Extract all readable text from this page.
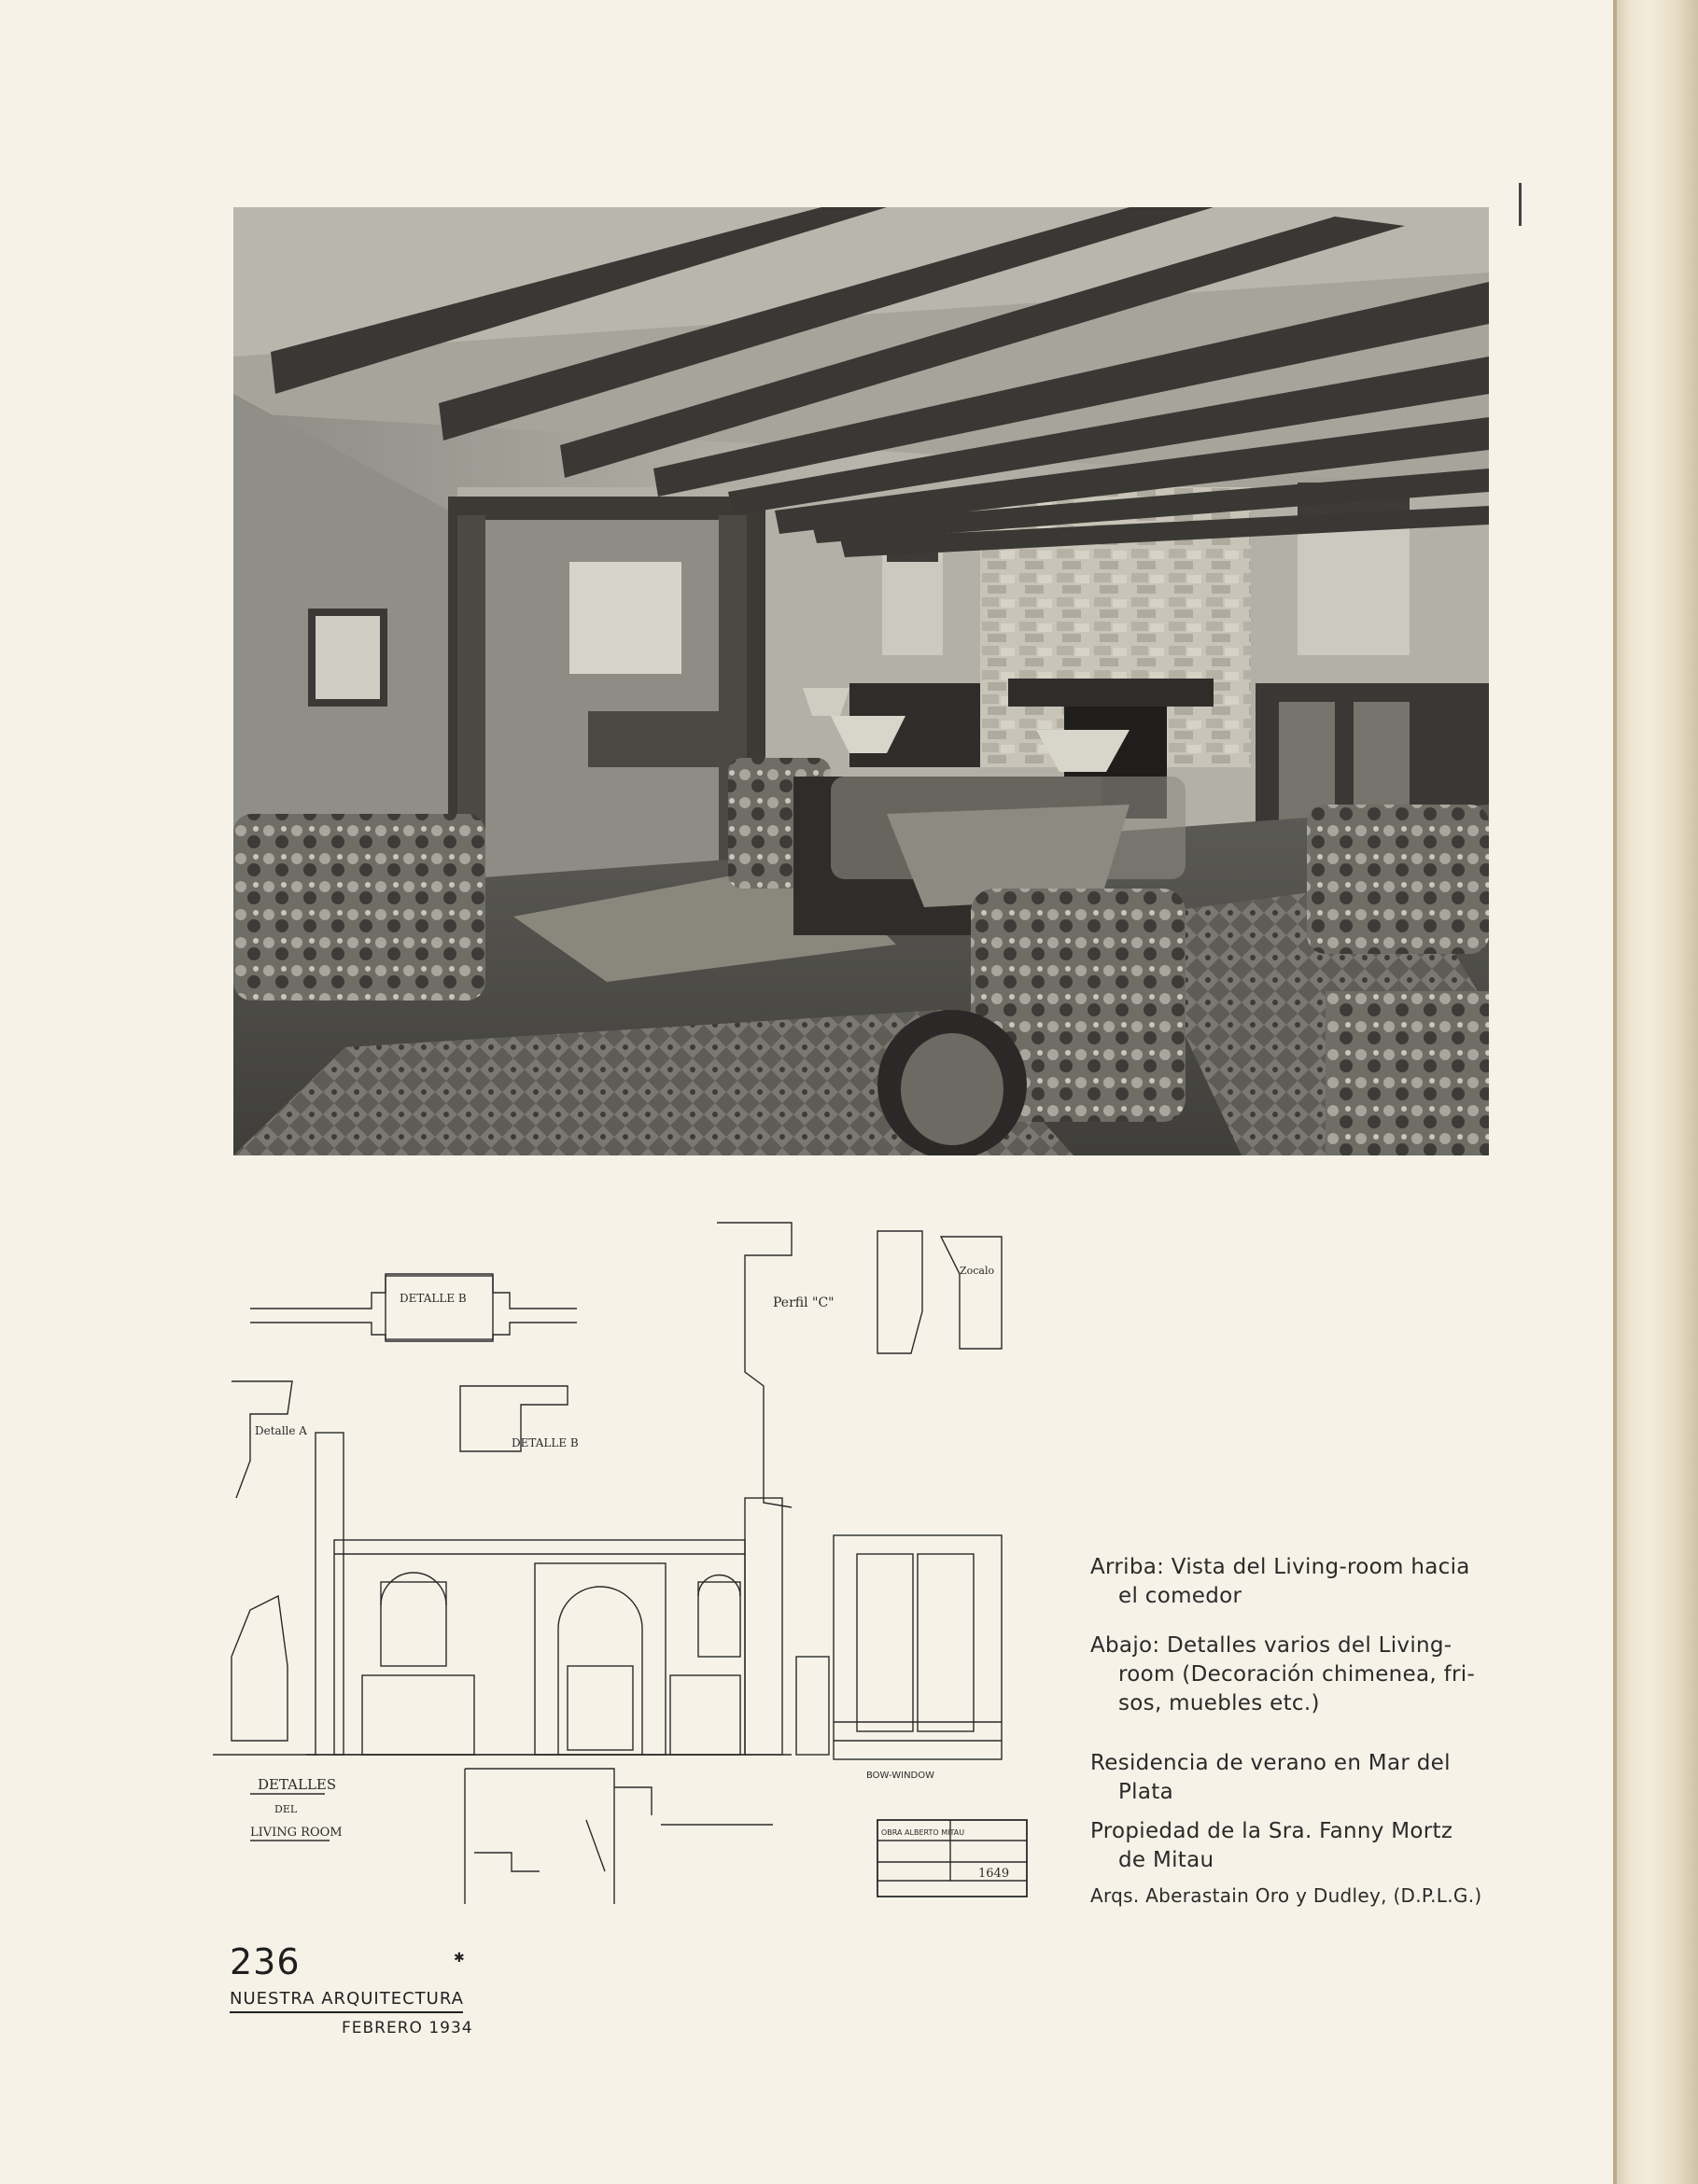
DETALLE B	Perfil "C"
Zocalo
Detalle A
DETALLE B
BOW-WINDOW
DETALLES
DEL
LIVING ROOM	OBRA ALBERTO MITAU
1649
Arriba: Vista del Living-room hacia
el comedor
Abajo: Detalles varios del Living-
room (Decoración chimenea, fri-
sos, muebles etc.)
Residencia de verano en Mar del
Plata
Propiedad de la Sra. Fanny Mortz
de Mitau
Arqs. Aberastain Oro y Dudley, (D.P.L.G.)
236	✱
NUESTRA ARQUITECTURA
FEBRERO 1934
